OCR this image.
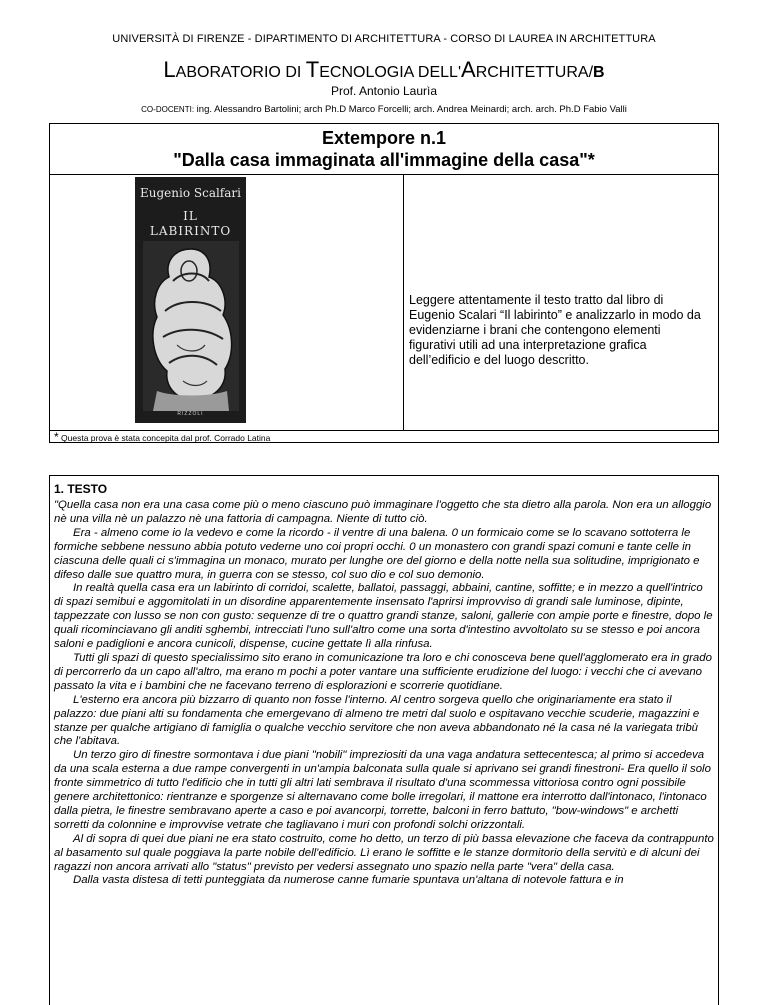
UNIVERSITÀ DI FIRENZE - DIPARTIMENTO DI ARCHITETTURA - CORSO DI LAUREA IN ARCHITETTURA
LABORATORIO DI TECNOLOGIA DELL'ARCHITETTURA/B
Prof. Antonio Laurìa
CO-DOCENTI: ing. Alessandro Bartolini; arch Ph.D Marco Forcelli; arch. Andrea Meinardi; arch. arch. Ph.D Fabio Valli
Extempore n.1
"Dalla casa immaginata all'immagine della casa"*
Eugenio Scalfari
IL
LABIRINTO
RIZZOLI
Leggere attentamente il testo tratto dal libro di Eugenio Scalari “Il labirinto” e analizzarlo in modo da evidenziarne i brani che contengono elementi figurativi utili ad una interpretazione grafica dell’edificio e del luogo descritto.
* Questa prova è stata concepita dal prof. Corrado Latina
1. TESTO

"Quella casa non era una casa come più o meno ciascuno può immaginare l'oggetto che sta dietro alla parola. Non era un alloggio nè una villa nè un palazzo nè una fattoria di campagna. Niente di tutto ciò.

Era - almeno come io la vedevo e come la ricordo - il ventre di una balena. 0 un formicaio come se lo scavano sottoterra le formiche sebbene nessuno abbia potuto vederne uno coi propri occhi. 0 un monastero con grandi spazi comuni e tante celle in ciascuna delle quali ci s'immagina un monaco, murato per lunghe ore del giorno e della notte nella sua solitudine, imprigionato e difeso dalle sue quattro mura, in guerra con se stesso, col suo dio e col suo demonio.

In realtà quella casa era un labirinto di corridoi, scalette, ballatoi, passaggi, abbaini, cantine, soffitte; e in mezzo a quell'intrico di spazi semibui e aggomitolati in un disordine apparentemente insensato l'aprirsi improvviso di grandi sale luminose, dipinte, tappezzate con lusso se non con gusto: sequenze di tre o quattro grandi stanze, saloni, gallerie con ampie porte e finestre, dopo le quali ricominciavano gli anditi sghembi, intrecciati l'uno sull'altro come una sorta d'intestino avvoltolato su se stesso e poi ancora saloni e padiglioni e ancora cunicoli, dispense, cucine gettate lì alla rinfusa.

Tutti gli spazi di questo specialissimo sito erano in comunicazione tra loro e chi conosceva bene quell'agglomerato era in grado di percorrerlo da un capo all'altro, ma erano m pochi a poter vantare una sufficiente erudizione del luogo: i vecchi che ci avevano passato la vita e i bambini che ne facevano terreno di esplorazioni e scorrerie quotidiane.

L'esterno era ancora più bizzarro di quanto non fosse l'interno. Al centro sorgeva quello che originariamente era stato il palazzo: due piani alti su fondamenta che emergevano di almeno tre metri dal suolo e ospitavano vecchie scuderie, magazzini e stanze per qualche artigiano di famiglia o qualche vecchio servitore che non aveva abbandonato né la casa né la variegata tribù che l'abitava.

Un terzo giro di finestre sormontava i due piani "nobili" impreziositi da una vaga andatura settecentesca; al primo si accedeva da una scala esterna a due rampe convergenti in un'ampia balconata sulla quale si aprivano sei grandi finestroni- Era quello il solo fronte simmetrico di tutto l'edificio che in tutti gli altri lati sembrava il risultato d'una scommessa vittoriosa contro ogni possibile genere architettonico: rientranze e sporgenze si alternavano come bolle irregolari, il mattone era interrotto dall'intonaco, l'intonaco dalla pietra, le finestre sembravano aperte a caso e poi avancorpi, torrette, balconi in ferro battuto, "bow-windows" e archetti sorretti da colonnine e improvvise vetrate che tagliavano i muri con profondi solchi orizzontali.

Al di sopra di quei due piani ne era stato costruito, come ho detto, un terzo di più bassa elevazione che faceva da contrappunto al basamento sul quale poggiava la parte nobile dell'edificio. Lì erano le soffitte e le stanze dormitorio della servitù e di alcuni dei ragazzi non ancora arrivati allo "status" previsto per vedersi assegnato uno spazio nella parte "vera" della casa.

Dalla vasta distesa di tetti punteggiata da numerose canne fumarie spuntava un'altana di notevole fattura e in
